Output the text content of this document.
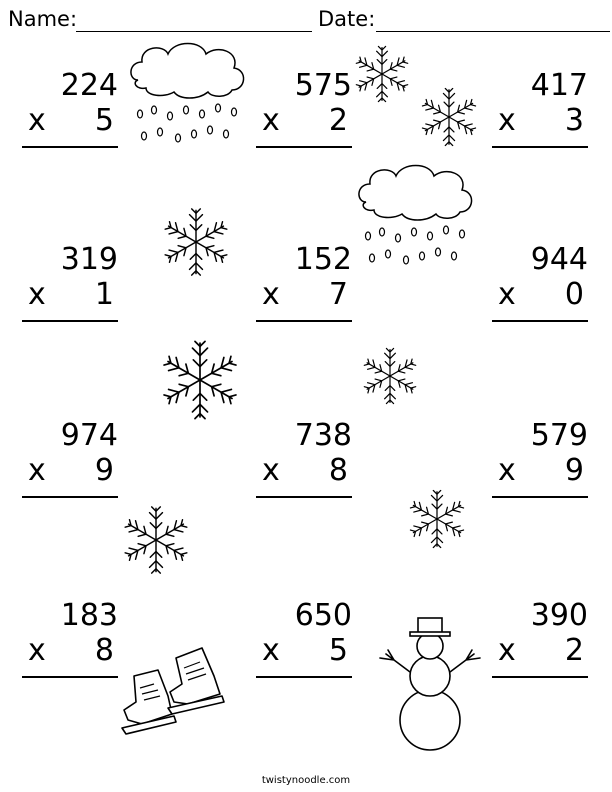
Name:	Date:
224
x 5
575
x 2
417
x 3
319
x 1
152
x 7
944
x 0
974
x 9
738
x 8
579
x 9
183
x 8
650
x 5
390
x 2
twistynoodle.com
